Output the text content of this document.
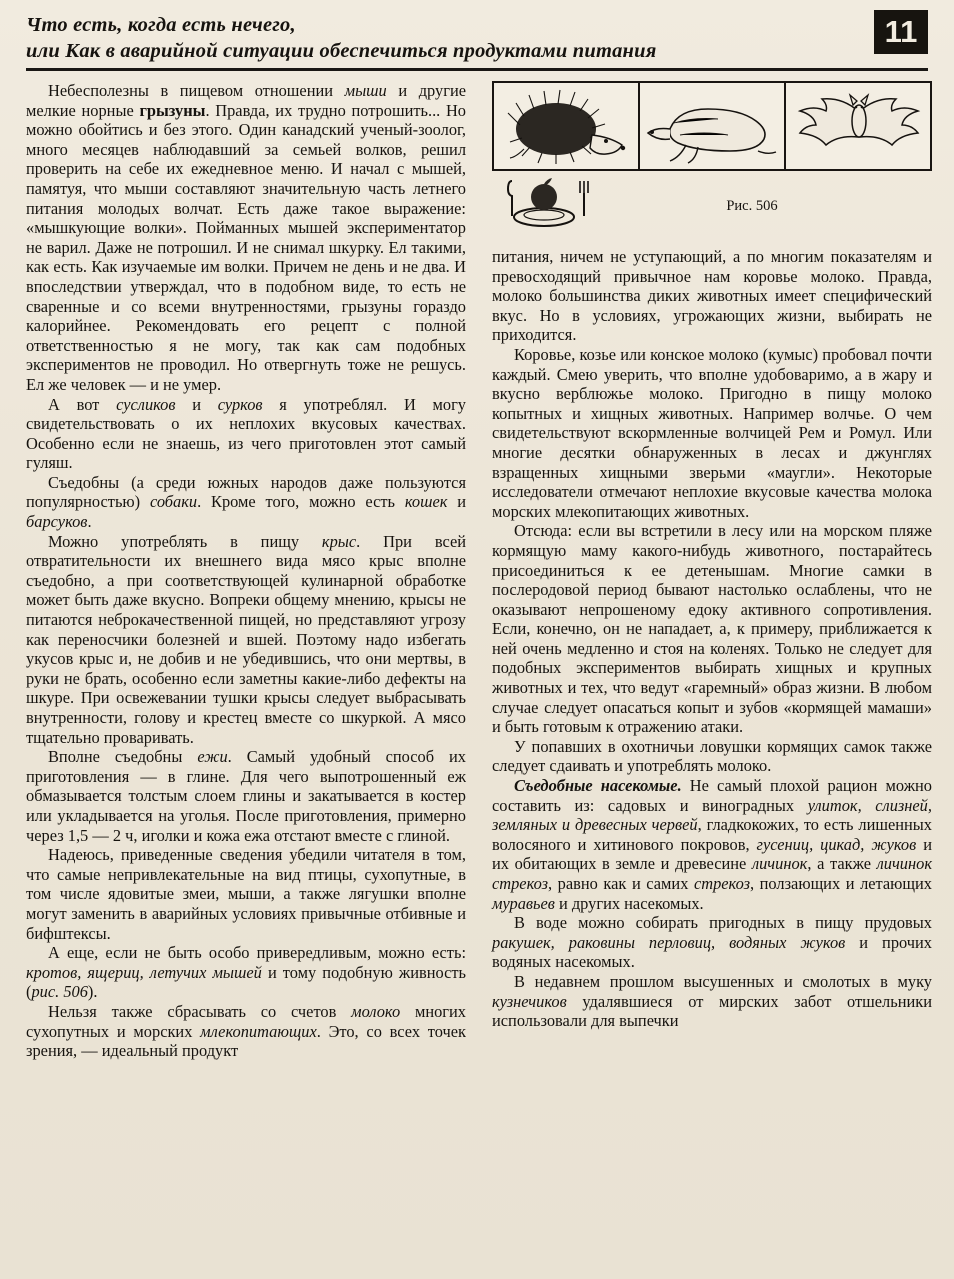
Что есть, когда есть нечего,
или Как в аварийной ситуации обеспечиться продуктами питания
11

Небесполезны в пищевом отношении мыши и другие мелкие норные грызуны. Правда, их трудно потрошить... Но можно обойтись и без этого. Один канадский ученый-зоолог, много месяцев наблюдавший за семьей волков, решил проверить на себе их ежедневное меню. И начал с мышей, памятуя, что мыши составляют значительную часть летнего питания молодых волчат. Есть даже такое выражение: «мышкующие волки». Пойманных мышей экспериментатор не варил. Даже не потрошил. И не снимал шкурку. Ел такими, как есть. Как изучаемые им волки. Причем не день и не два. И впоследствии утверждал, что в подобном виде, то есть не сваренные и со всеми внутренностями, грызуны гораздо калорийнее. Рекомендовать его рецепт с полной ответственностью я не могу, так как сам подобных экспериментов не проводил. Но отвергнуть тоже не решусь. Ел же человек — и не умер.

А вот сусликов и сурков я употреблял. И могу свидетельствовать о их неплохих вкусовых качествах. Особенно если не знаешь, из чего приготовлен этот самый гуляш.

Съедобны (а среди южных народов даже пользуются популярностью) собаки. Кроме того, можно есть кошек и барсуков.

Можно употреблять в пищу крыс. При всей отвратительности их внешнего вида мясо крыс вполне съедобно, а при соответствующей кулинарной обработке может быть даже вкусно. Вопреки общему мнению, крысы не питаются неброкачественной пищей, но представляют угрозу как переносчики болезней и вшей. Поэтому надо избегать укусов крыс и, не добив и не убедившись, что они мертвы, в руки не брать, особенно если заметны какие-либо дефекты на шкуре. При освежевании тушки крысы следует выбрасывать внутренности, голову и крестец вместе со шкуркой. А мясо тщательно проваривать.

Вполне съедобны ежи. Самый удобный способ их приготовления — в глине. Для чего выпотрошенный еж обмазывается толстым слоем глины и закатывается в костер или укладывается на уголья. После приготовления, примерно через 1,5 — 2 ч, иголки и кожа ежа отстают вместе с глиной.

Надеюсь, приведенные сведения убедили читателя в том, что самые непривлекательные на вид птицы, сухопутные, в том числе ядовитые змеи, мыши, а также лягушки вполне могут заменить в аварийных условиях привычные отбивные и бифштексы.

А еще, если не быть особо привередливым, можно есть: кротов, ящериц, летучих мышей и тому подобную живность (рис. 506).

Нельзя также сбрасывать со счетов молоко многих сухопутных и морских млекопитающих. Это, со всех точек зрения, — идеальный продукт

Рис. 506

питания, ничем не уступающий, а по многим показателям и превосходящий привычное нам коровье молоко. Правда, молоко большинства диких животных имеет специфический вкус. Но в условиях, угрожающих жизни, выбирать не приходится.

Коровье, козье или конское молоко (кумыс) пробовал почти каждый. Смею уверить, что вполне удобоваримо, а в жару и вкусно верблюжье молоко. Пригодно в пищу молоко копытных и хищных животных. Например волчье. О чем свидетельствуют вскормленные волчицей Рем и Ромул. Или многие десятки обнаруженных в лесах и джунглях взращенных хищными зверьми «маугли». Некоторые исследователи отмечают неплохие вкусовые качества молока морских млекопитающих животных.

Отсюда: если вы встретили в лесу или на морском пляже кормящую маму какого-нибудь животного, постарайтесь присоединиться к ее детенышам. Многие самки в послеродовой период бывают настолько ослаблены, что не оказывают непрошеному едоку активного сопротивления. Если, конечно, он не нападает, а, к примеру, приближается к ней очень медленно и стоя на коленях. Только не следует для подобных экспериментов выбирать хищных и крупных животных и тех, что ведут «гаремный» образ жизни. В любом случае следует опасаться копыт и зубов «кормящей мамаши» и быть готовым к отражению атаки.

У попавших в охотничьи ловушки кормящих самок также следует сдаивать и употреблять молоко.

Съедобные насекомые. Не самый плохой рацион можно составить из: садовых и виноградных улиток, слизней, земляных и древесных червей, гладкокожих, то есть лишенных волосяного и хитинового покровов, гусениц, цикад, жуков и их обитающих в земле и древесине личинок, а также личинок стрекоз, равно как и самих стрекоз, ползающих и летающих муравьев и других насекомых.

В воде можно собирать пригодных в пищу прудовых ракушек, раковины перловиц, водяных жуков и прочих водяных насекомых.

В недавнем прошлом высушенных и смолотых в муку кузнечиков удалявшиеся от мирских забот отшельники использовали для выпечки
